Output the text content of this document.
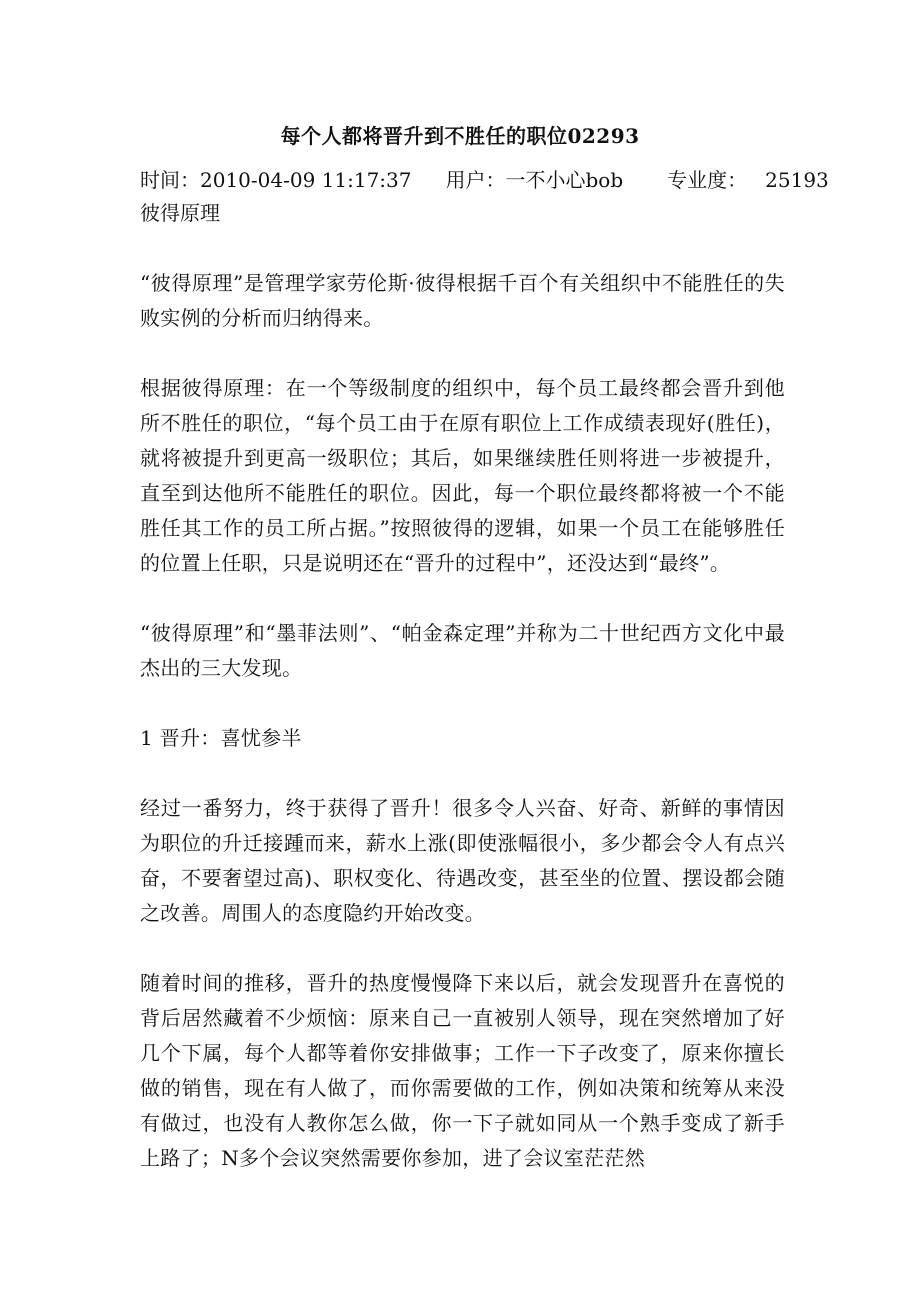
每个人都将晋升到不胜任的职位02293
时间：2010-04-09 11:17:37 用户：一不小心bob 专业度： 25193
彼得原理

“彼得原理”是管理学家劳伦斯·彼得根据千百个有关组织中不能胜任的失败实例的分析而归纳得来。

根据彼得原理：在一个等级制度的组织中，每个员工最终都会晋升到他所不胜任的职位，“每个员工由于在原有职位上工作成绩表现好(胜任)，就将被提升到更高一级职位；其后，如果继续胜任则将进一步被提升，直至到达他所不能胜任的职位。因此，每一个职位最终都将被一个不能胜任其工作的员工所占据。”按照彼得的逻辑，如果一个员工在能够胜任的位置上任职，只是说明还在“晋升的过程中”，还没达到“最终”。

“彼得原理”和“墨菲法则”、“帕金森定理”并称为二十世纪西方文化中最杰出的三大发现。

1 晋升：喜忧参半

经过一番努力，终于获得了晋升！很多令人兴奋、好奇、新鲜的事情因为职位的升迁接踵而来，薪水上涨(即使涨幅很小，多少都会令人有点兴奋，不要奢望过高)、职权变化、待遇改变，甚至坐的位置、摆设都会随之改善。周围人的态度隐约开始改变。

随着时间的推移，晋升的热度慢慢降下来以后，就会发现晋升在喜悦的背后居然藏着不少烦恼：原来自己一直被别人领导，现在突然增加了好几个下属，每个人都等着你安排做事；工作一下子改变了，原来你擅长做的销售，现在有人做了，而你需要做的工作，例如决策和统筹从来没有做过，也没有人教你怎么做，你一下子就如同从一个熟手变成了新手上路了；N多个会议突然需要你参加，进了会议室茫茫然
